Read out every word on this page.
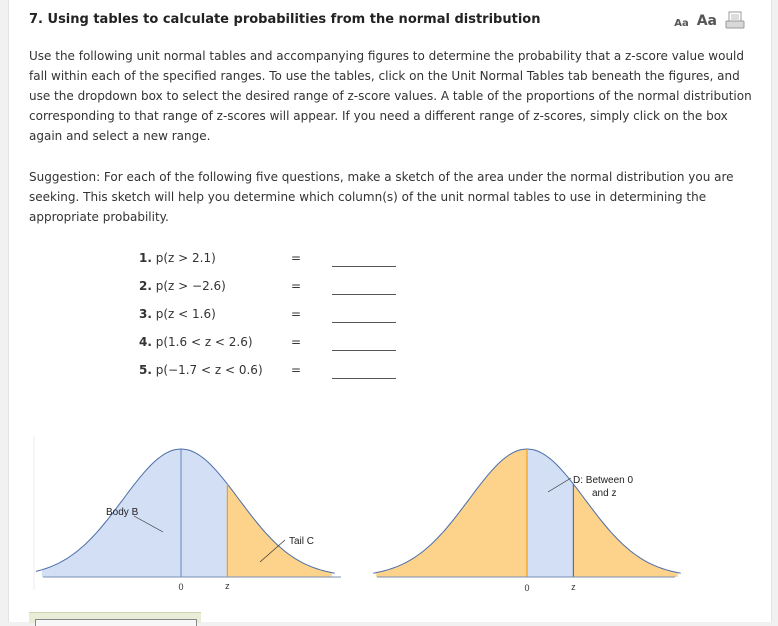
7. Using tables to calculate probabilities from the normal distribution	Aa Aa

Use the following unit normal tables and accompanying figures to determine the probability that a z-score value would fall within each of the specified ranges. To use the tables, click on the Unit Normal Tables tab beneath the figures, and use the dropdown box to select the desired range of z-score values. A table of the proportions of the normal distribution corresponding to that range of z-scores will appear. If you need a different range of z-scores, simply click on the box again and select a new range.

Suggestion: For each of the following five questions, make a sketch of the area under the normal distribution you are seeking. This sketch will help you determine which column(s) of the unit normal tables to use in determining the appropriate probability.

1. p(z > 2.1)	=
2. p(z > −2.6)	=
3. p(z < 1.6)	=
4. p(1.6 < z < 2.6)	=
5. p(−1.7 < z < 0.6) =
Body B
Tail C
0	z
D: Between 0
and z
0	z
